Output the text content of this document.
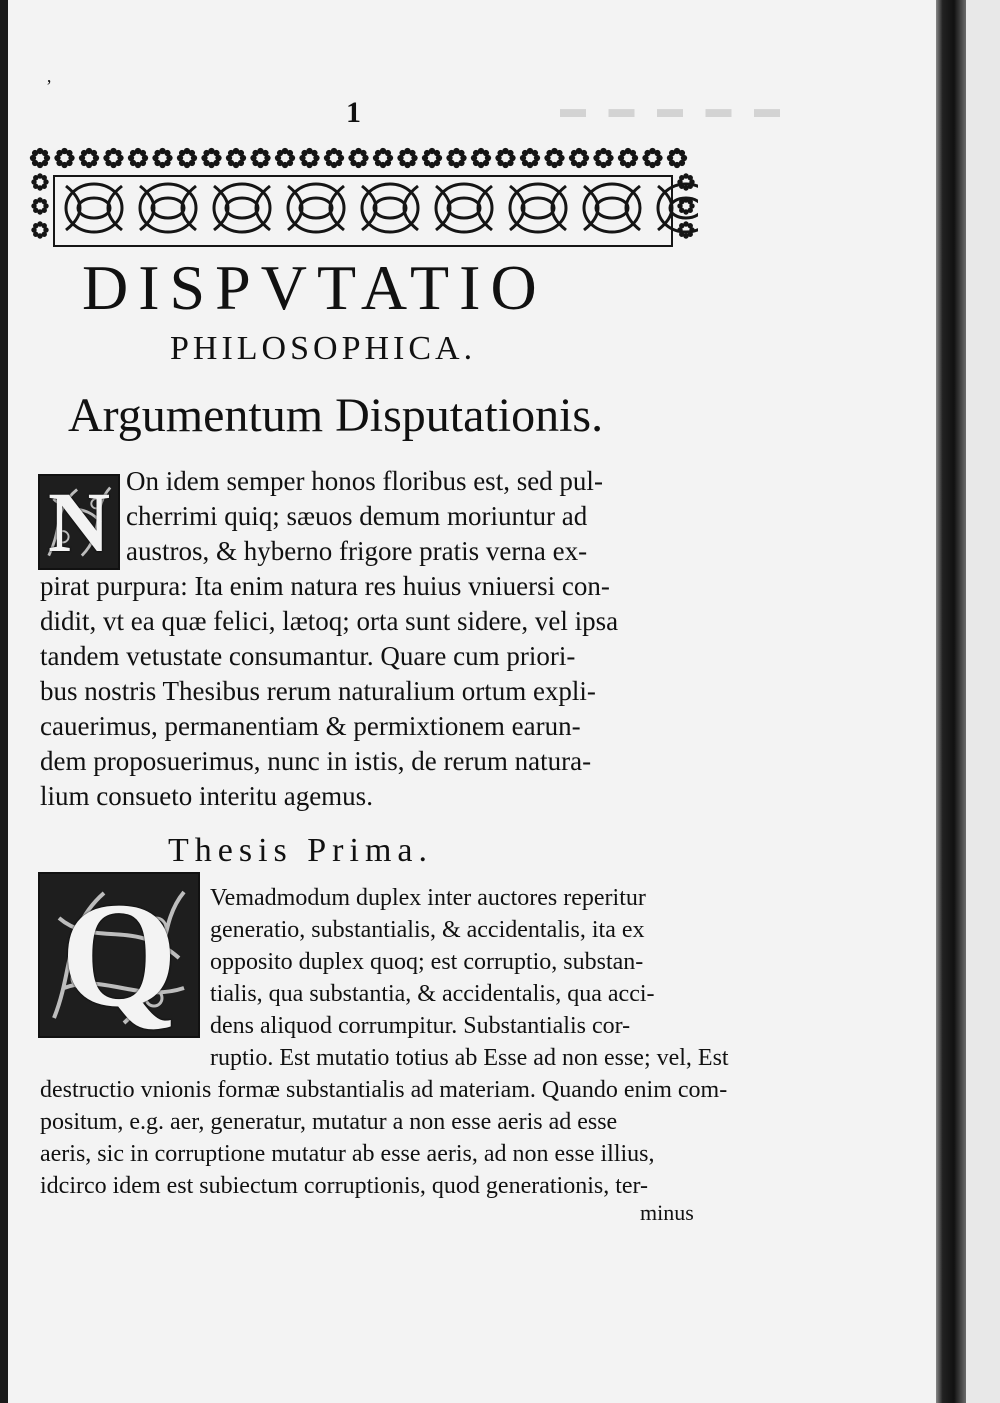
▬ ▬ ▬ ▬ ▬
ʼ
1
DISPVTATIO
PHILOSOPHICA.
Argumentum Disputationis.
N On idem semper honos floribus est, sed pul-
cherrimi quiq; sæuos demum moriuntur ad
austros, & hyberno frigore pratis verna ex-
pirat purpura: Ita enim natura res huius vniuersi con-
didit, vt ea quæ felici, lætoq; orta sunt sidere, vel ipsa
tandem vetustate consumantur. Quare cum priori-
bus nostris Thesibus rerum naturalium ortum expli-
cauerimus, permanentiam & permixtionem earun-
dem proposuerimus, nunc in istis, de rerum natura-
lium consueto interitu agemus.
Thesis Prima.
Q Vemadmodum duplex inter auctores reperitur
generatio, substantialis, & accidentalis, ita ex
opposito duplex quoq; est corruptio, substan-
tialis, qua substantia, & accidentalis, qua acci-
dens aliquod corrumpitur. Substantialis cor-
ruptio. Est mutatio totius ab Esse ad non esse; vel, Est
destructio vnionis formæ substantialis ad materiam. Quando enim com-
positum, e.g. aer, generatur, mutatur a non esse aeris ad esse
aeris, sic in corruptione mutatur ab esse aeris, ad non esse illius,
idcirco idem est subiectum corruptionis, quod generationis, ter-
minus
